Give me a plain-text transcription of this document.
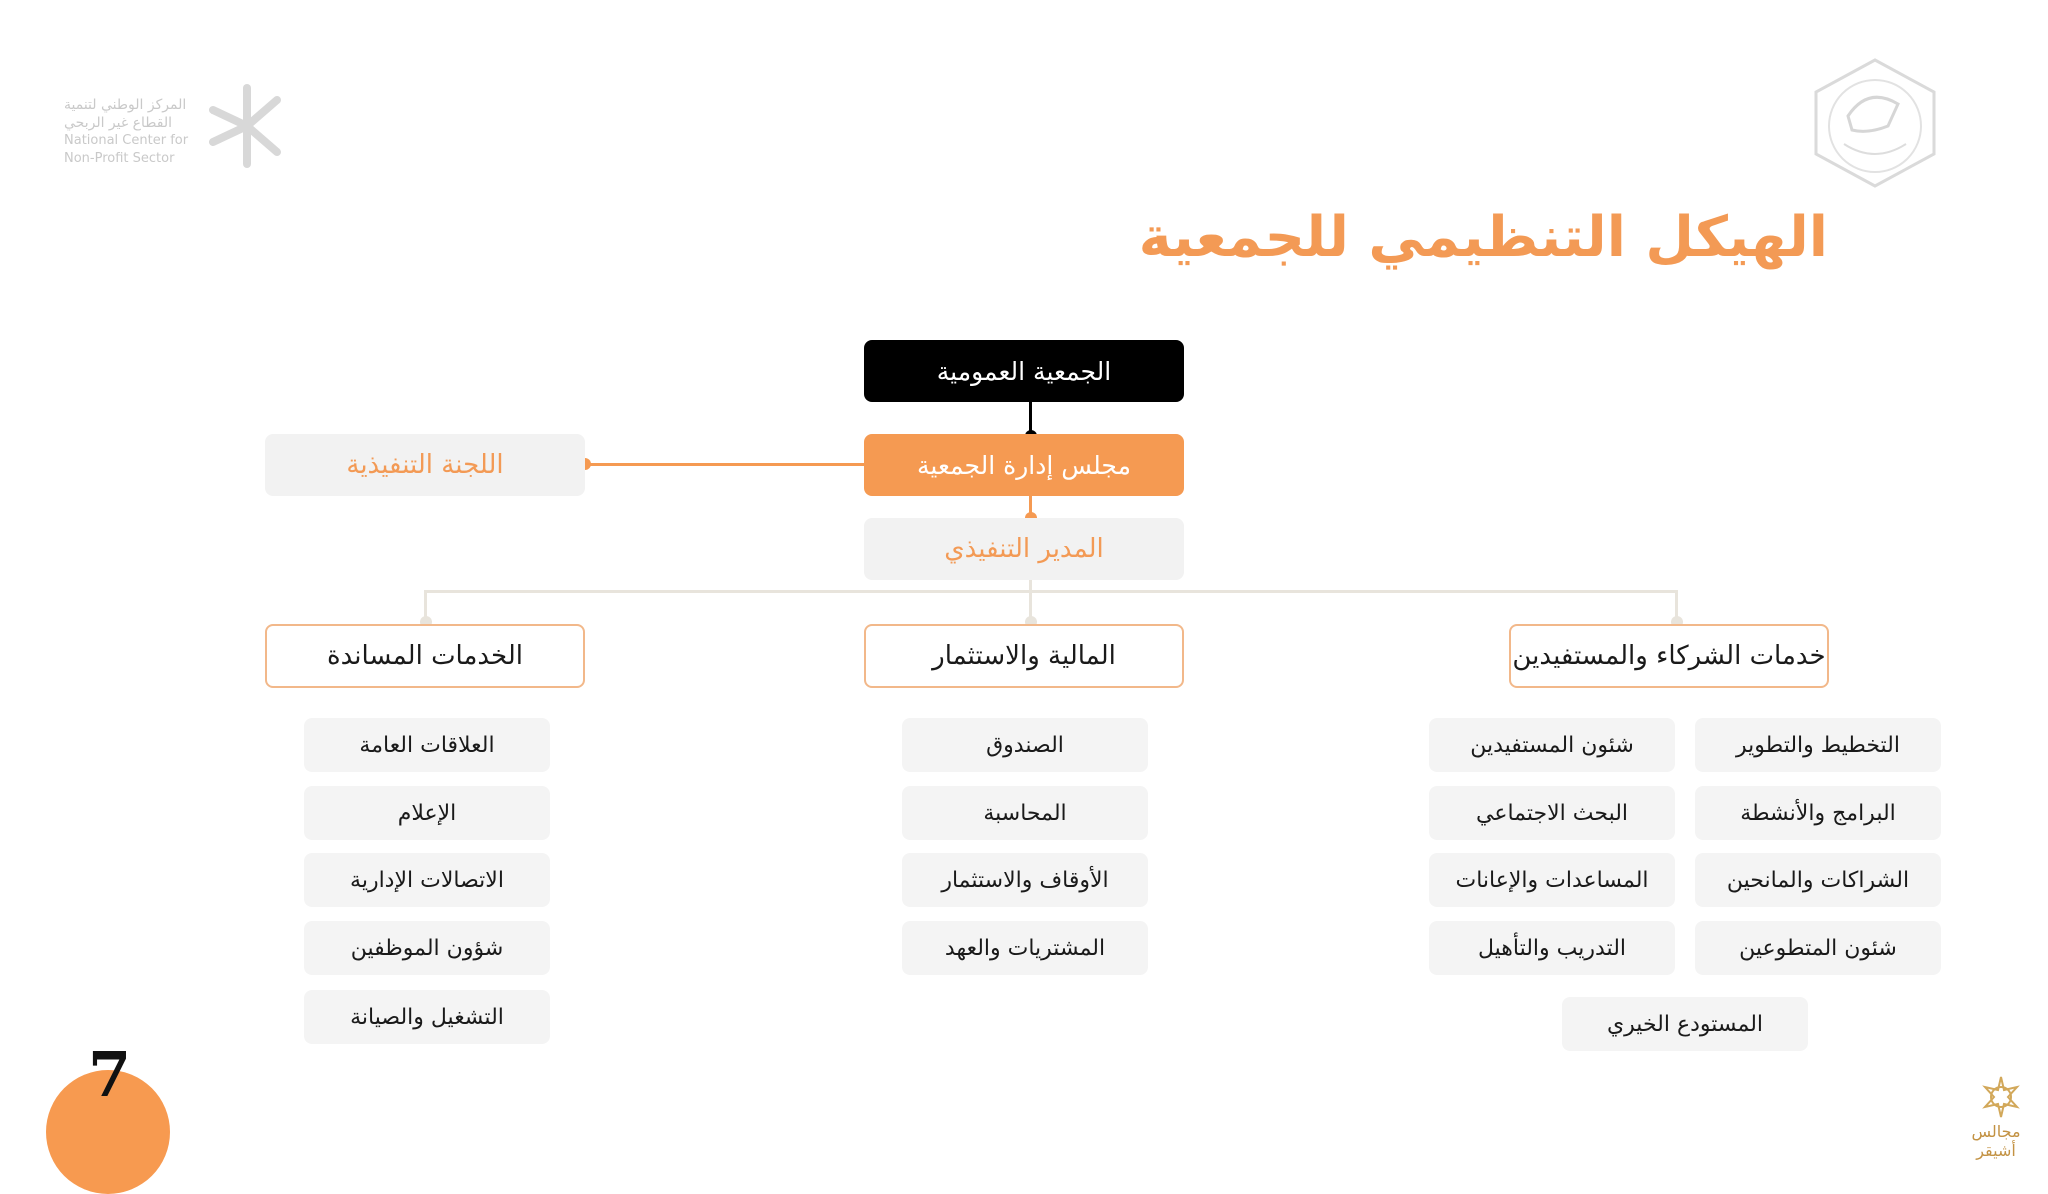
المركز الوطني لتنمية
القطاع غير الربحي
National Center for
Non-Profit Sector
الهيكل التنظيمي للجمعية
الجمعية العمومية
مجلس إدارة الجمعية
اللجنة التنفيذية
المدير التنفيذي
الخدمات المساندة	المالية والاستثمار	خدمات الشركاء والمستفيدين
العلاقات العامة
الإعلام
الاتصالات الإدارية
شؤون الموظفين
التشغيل والصيانة
الصندوق
المحاسبة
الأوقاف والاستثمار
المشتريات والعهد
التخطيط والتطوير
البرامج والأنشطة
الشراكات والمانحين
شئون المتطوعين
شئون المستفيدين
البحث الاجتماعي
المساعدات والإعانات
التدريب والتأهيل
المستودع الخيري
7
مجالس أشيقر
